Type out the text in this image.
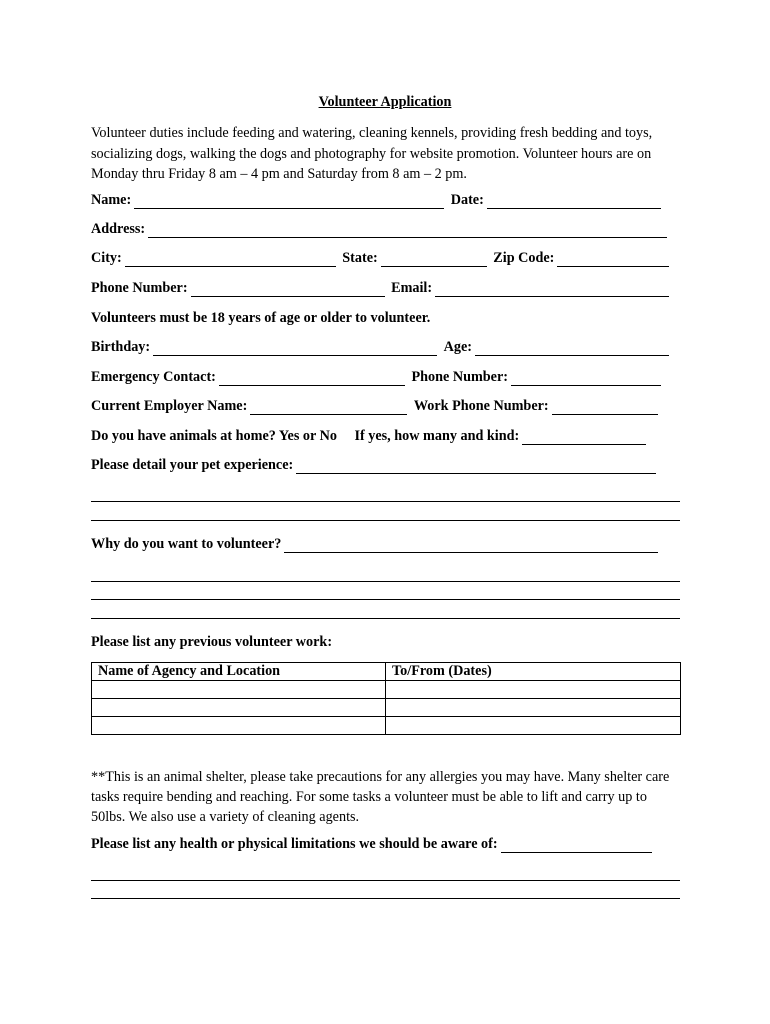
Volunteer Application

Volunteer duties include feeding and watering, cleaning kennels, providing fresh bedding and toys, socializing dogs, walking the dogs and photography for website promotion. Volunteer hours are on Monday thru Friday 8 am – 4 pm and Saturday from 8 am – 2 pm.

Name:	Date:
Address:
City:	State:	Zip Code:
Phone Number:	Email:
Volunteers must be 18 years of age or older to volunteer.
Birthday:	Age:
Emergency Contact:	Phone Number:
Current Employer Name:	Work Phone Number:
Do you have animals at home? Yes or No If yes, how many and kind:
Please detail your pet experience:
Why do you want to volunteer?
Please list any previous volunteer work:
Name of Agency and Location	To/From (Dates)

**This is an animal shelter, please take precautions for any allergies you may have. Many shelter care tasks require bending and reaching. For some tasks a volunteer must be able to lift and carry up to 50lbs. We also use a variety of cleaning agents.

Please list any health or physical limitations we should be aware of:
